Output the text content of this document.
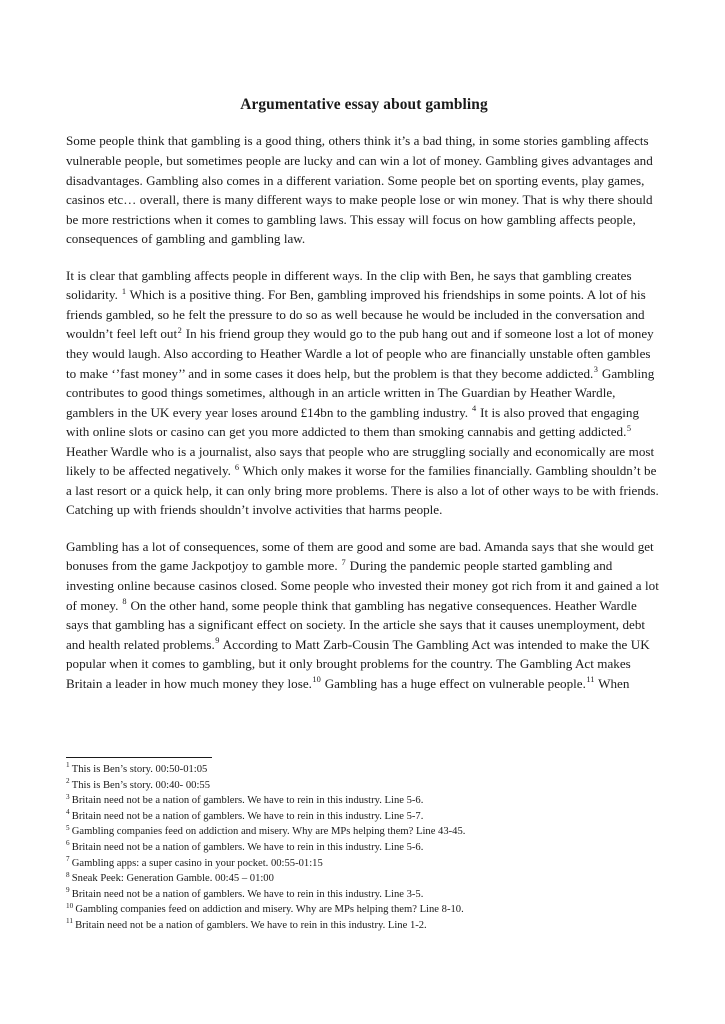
Argumentative essay about gambling

Some people think that gambling is a good thing, others think it’s a bad thing, in some stories gambling affects vulnerable people, but sometimes people are lucky and can win a lot of money. Gambling gives advantages and disadvantages. Gambling also comes in a different variation. Some people bet on sporting events, play games, casinos etc… overall, there is many different ways to make people lose or win money. That is why there should be more restrictions when it comes to gambling laws. This essay will focus on how gambling affects people, consequences of gambling and gambling law.

It is clear that gambling affects people in different ways. In the clip with Ben, he says that gambling creates solidarity. $^1$ Which is a positive thing. For Ben, gambling improved his friendships in some points. A lot of his friends gambled, so he felt the pressure to do so as well because he would be included in the conversation and wouldn’t feel left out$^2$ In his friend group they would go to the pub hang out and if someone lost a lot of money they would laugh. Also according to Heather Wardle a lot of people who are financially unstable often gambles to make ‘’fast money’’ and in some cases it does help, but the problem is that they become addicted.$^3$ Gambling contributes to good things sometimes, although in an article written in The Guardian by Heather Wardle, gamblers in the UK every year loses around £14bn to the gambling industry. $^4$ It is also proved that engaging with online slots or casino can get you more addicted to them than smoking cannabis and getting addicted.$^5$ Heather Wardle who is a journalist, also says that people who are struggling socially and economically are most likely to be affected negatively. $^6$ Which only makes it worse for the families financially. Gambling shouldn’t be a last resort or a quick help, it can only bring more problems. There is also a lot of other ways to be with friends. Catching up with friends shouldn’t involve activities that harms people.

Gambling has a lot of consequences, some of them are good and some are bad. Amanda says that she would get bonuses from the game Jackpotjoy to gamble more. $^7$ During the pandemic people started gambling and investing online because casinos closed. Some people who invested their money got rich from it and gained a lot of money. $^8$ On the other hand, some people think that gambling has negative consequences. Heather Wardle says that gambling has a significant effect on society. In the article she says that it causes unemployment, debt and health related problems.$^9$ According to Matt Zarb-Cousin The Gambling Act was intended to make the UK popular when it comes to gambling, but it only brought problems for the country. The Gambling Act makes Britain a leader in how much money they lose.$^{10}$ Gambling has a huge effect on vulnerable people.$^{11}$ When

$^1$ This is Ben’s story. 00:50-01:05
$^2$ This is Ben’s story. 00:40- 00:55
$^3$ Britain need not be a nation of gamblers. We have to rein in this industry. Line 5-6.
$^4$ Britain need not be a nation of gamblers. We have to rein in this industry. Line 5-7.
$^5$ Gambling companies feed on addiction and misery. Why are MPs helping them? Line 43-45.
$^6$ Britain need not be a nation of gamblers. We have to rein in this industry. Line 5-6.
$^7$ Gambling apps: a super casino in your pocket. 00:55-01:15
$^8$ Sneak Peek: Generation Gamble. 00:45 – 01:00
$^9$ Britain need not be a nation of gamblers. We have to rein in this industry. Line 3-5.
$^{10}$ Gambling companies feed on addiction and misery. Why are MPs helping them? Line 8-10.
$^{11}$ Britain need not be a nation of gamblers. We have to rein in this industry. Line 1-2.
